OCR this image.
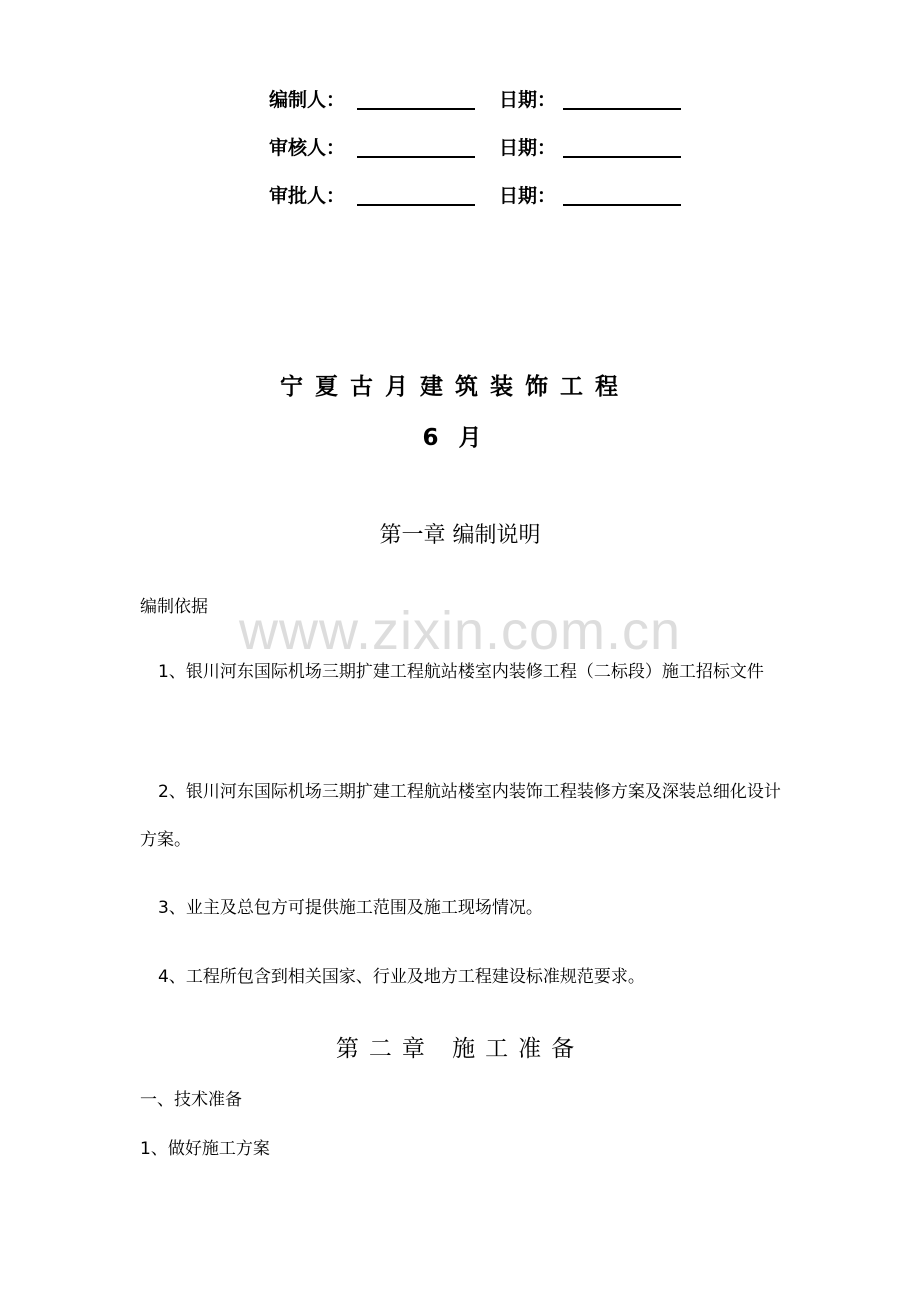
www.zixin.com.cn
编制人：	日期：
审核人：	日期：
审批人：	日期：
宁夏古月建筑装饰工程
6 月
第一章 编制说明
编制依据
1、银川河东国际机场三期扩建工程航站楼室内装修工程（二标段）施工招标文件
2、银川河东国际机场三期扩建工程航站楼室内装饰工程装修方案及深装总细化设计方案。
3、业主及总包方可提供施工范围及施工现场情况。
4、工程所包含到相关国家、行业及地方工程建设标准规范要求。
第二章 施工准备
一、技术准备
1、做好施工方案
